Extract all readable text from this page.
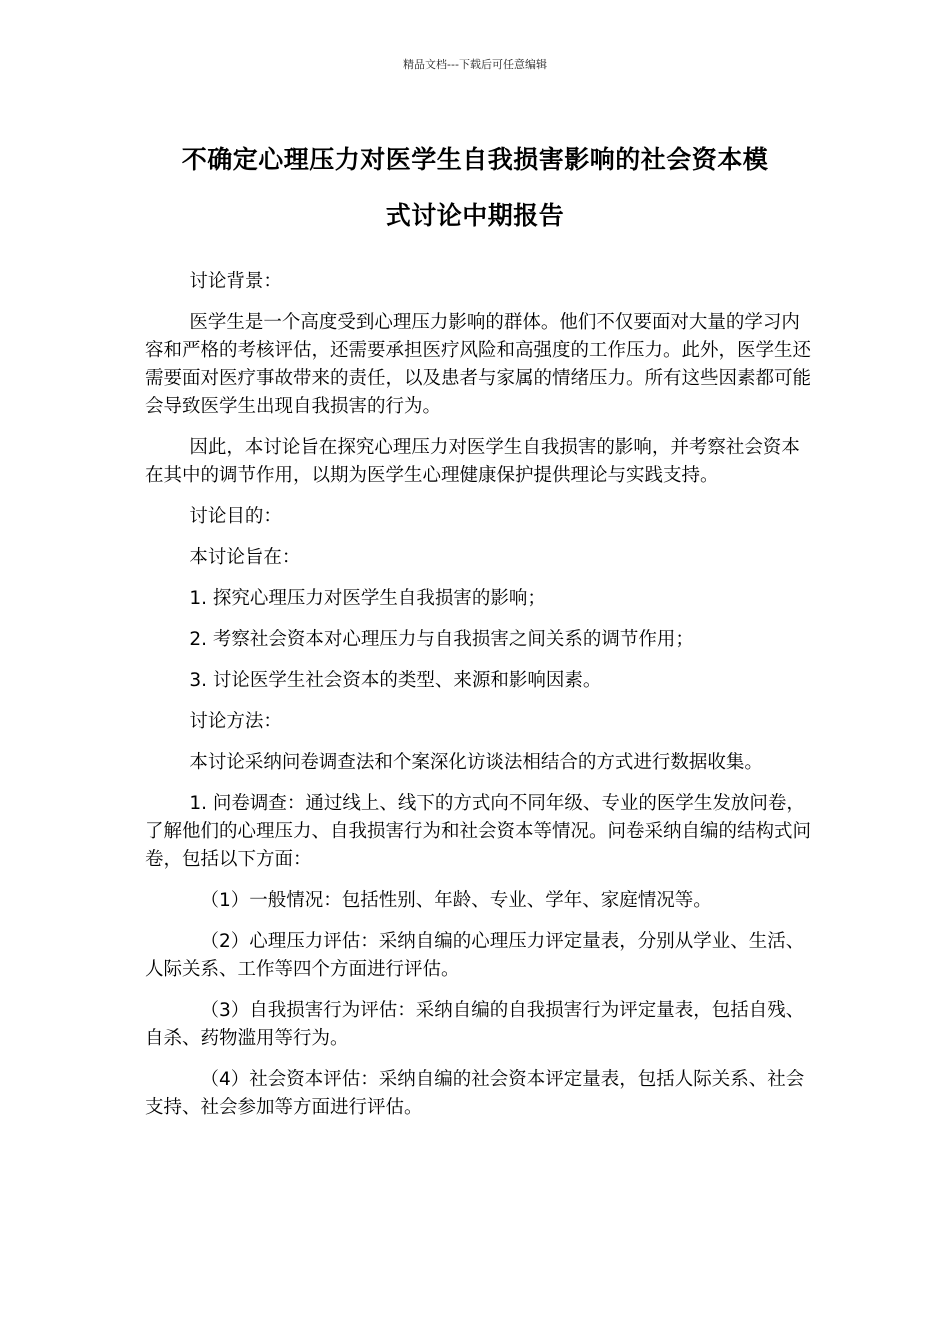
精品文档---下载后可任意编辑
不确定心理压力对医学生自我损害影响的社会资本模
式讨论中期报告

讨论背景：

医学生是一个高度受到心理压力影响的群体。他们不仅要面对大量的学习内容和严格的考核评估，还需要承担医疗风险和高强度的工作压力。此外，医学生还需要面对医疗事故带来的责任，以及患者与家属的情绪压力。所有这些因素都可能会导致医学生出现自我损害的行为。

因此，本讨论旨在探究心理压力对医学生自我损害的影响，并考察社会资本在其中的调节作用，以期为医学生心理健康保护提供理论与实践支持。

讨论目的：

本讨论旨在：

1. 探究心理压力对医学生自我损害的影响；

2. 考察社会资本对心理压力与自我损害之间关系的调节作用；

3. 讨论医学生社会资本的类型、来源和影响因素。

讨论方法：

本讨论采纳问卷调查法和个案深化访谈法相结合的方式进行数据收集。

1. 问卷调查：通过线上、线下的方式向不同年级、专业的医学生发放问卷，了解他们的心理压力、自我损害行为和社会资本等情况。问卷采纳自编的结构式问卷，包括以下方面：

（1）一般情况：包括性别、年龄、专业、学年、家庭情况等。

（2）心理压力评估：采纳自编的心理压力评定量表，分别从学业、生活、人际关系、工作等四个方面进行评估。

（3）自我损害行为评估：采纳自编的自我损害行为评定量表，包括自残、自杀、药物滥用等行为。

（4）社会资本评估：采纳自编的社会资本评定量表，包括人际关系、社会支持、社会参加等方面进行评估。
